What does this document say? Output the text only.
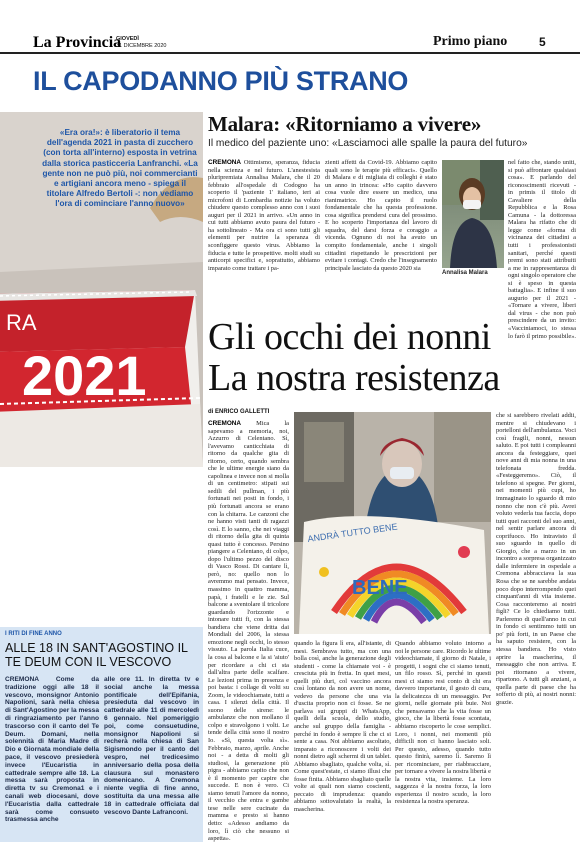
La Provincia
GIOVEDÌ
31 DICEMBRE 2020	Primo piano	5
IL CAPODANNO PIÙ STRANO
RA
2021
«Era ora!»: è liberatorio il tema dell'agenda 2021 in pasta di zucchero (con torta all'interno) esposta in vetrina dalla storica pasticceria Lanfranchi. «La gente non ne può più, noi commercianti e artigiani ancora meno - spiega il titolare Alfredo Bertoli -: non vediamo l'ora di cominciare l'anno nuovo»
Malara: «Ritorniamo a vivere»
Il medico del paziente uno: «Lasciamoci alle spalle la paura del futuro»
CREMONA Ottimismo, speranza, fiducia nella scienza e nel futuro. L'anestesista pluripremiata Annalisa Malara, che il 20 febbraio all'ospedale di Codogno ha scoperto il 'paziente 1' italiano, ieri ai microfoni di Lombardia notizie ha voluto chiudere questo complesso anno con i suoi auguri per il 2021 in arrivo. «Un anno in cui tutti abbiamo avuto paura del futuro - ha sottolineato - Ma ora ci sono tutti gli elementi per nutrire la speranza di sconfiggere questo virus. Abbiamo la fiducia e tutte le prospettive. molti studi su anticorpi specifici e, soprattutto, abbiamo imparato come trattare i pa-
zienti affetti da Covid-19. Abbiamo capito quali sono le terapie più efficaci». Quello di Malara e di migliaia di colleghi è stato un anno in trincea: «Ho capito davvero cosa vuole dire essere un medico, una rianimatrice. Ho capito il ruolo fondamentale che ha questa professione. cosa significa prendersi cura del prossimo. E ho scoperto l'importanza del lavoro di squadra, del darsi forza e coraggio a vicenda. Ognuno di noi ha avuto un compito fondamentale, anche i singoli cittadini rispettando le prescrizioni per evitare i contagi. Credo che l'insegnamento principale lasciato da questo 2020 sia
Annalisa Malara
nel fatto che, stando uniti, si può affrontare qualsiasi cosa». E parlando del riconoscimenti ricevuti - in primis il titolo di Cavaliere della Repubblica e la Rosa Camuna - la dottoressa Malara ha rifatto che di legge come «forma di vicinanza dei cittadini a tutti i professionisti sanitari, perché questi premi sono stati attribuiti a me in rappresentanza di ogni singolo operatore che si è speso in questa battaglia». E infine il suo augurio per il 2021 - «Tornare a vivere, liberi dal virus - che non può prescindere da un invito: «Vacciniamoci, io stessa lo farò il primo possibile».
Gli occhi dei nonni
La nostra resistenza
di ENRICO GALLETTI
CREMONA Mica la sapevamo a memoria, noi, Azzurro di Celentano. Sì, l'avevamo canticchiata di ritorno da qualche gita di ritorno, certo, quando sembra che le ultime energie siano da capolinea e invece non si molla di un centimetro: stipati sui sedili del pullman, i più fortunati nei posti in fondo, i più fortunati ancora se erano con la chitarra. Le canzoni che ne hanno visti tanti di ragazzi così. E lo sanno, che nei viaggi di ritorno della gita di quinta quasi tutto è concesso. Persino piangere a Celentano, di colpo, dopo l'ultimo pezzo del disco di Vasco Rossi. Di cantare lì, però, no: quello non lo avremmo mai pensato. Invece, massimo in quattro mamma, papà, i fratelli e le zie. Sul balcone a sventolare il tricolore guardando l'orizzonte e intonare tutti fi, con la stessa bandiera che viene dritta dai Mondiali del 2006, la stessa emozione negli occhi, lo stesso vissuto. La parola Italia cuce, la cosa al balcone e la si 'aiuto' per ricordare a chi ci sta dall'altra parte delle scalfare. Le lezioni prima in presenza e poi basta: i collage di volti su Zoom, le videochiamate, tutti a casa. I silenzi della città. Il suono delle sirene: le ambulanze che non mollano il colpo e stravolgono i volti. Le tende della città sono il nostro Io. «Sì, questa volta sì». Febbraio, marzo, aprile. Anche noi - a detta di molti gli studiosi, la generazione più pigra - abbiamo capito che non è il momento per capire che succede. E non è vero. Ci siamo tenuti l'amore da nonno, il vecchio che entra e gambe tese nelle sere cucinate da mamma e presto si hanno detto: «Adesso andiamo da loro, lì ciò che nessuno si aspetta».
BENE
ANDRÀ TUTTO BENE
quando la figura lì era, all'istante, di mesi. Sembrava tutto, ma con una bolla così, anche la generazione degli studenti - come la chiamate voi - è cresciuta più in fretta. In quei mesi, quelli più duri, col vaccino ancora così lontano da non avere un nome, vedevo da persone che una via d'uscita proprio non ci fosse. Se ne parlava sui gruppi di WhatsApp, quelli della scuola, dello studio, anche sul gruppo della famiglia - perché in fondo è sempre lì che ci si sente a casa. Noi abbiamo ascoltato, imparato a riconoscere i volti dei nonni dietro agli schermi di un tablet. Abbiamo sbagliato, qualche volta, sì. Come quest'estate, ci siamo illusi che fosse finita. Abbiamo sbagliato quelle volte ai quali non siamo coscienti, peccato di imprudenza: quando abbiamo sottovalutato la realtà, la mascherina.
Quando abbiamo voluto intorno a noi le persone care. Ricordo le ultime videochiamate, il giorno di Natale, i progetti, i sogni che ci siamo tenuti, un filo rosso. Sì, perché in questi mesi ci siamo resi conto di chi era davvero importante, il gesto di cura, la delicatezza di un messaggio. Per giorni, nelle giornate più buie. Noi che pensavamo che la vita fosse un gioco, che la libertà fosse scontata, abbiamo riscoperto le cose semplici. Loro, i nonni, nei momenti più difficili non ci hanno lasciato soli. Per questo, adesso, quando tutto questo finirà, saremo lì. Saremo lì per ricominciare, per riabbracciare, per tornare a vivere la nostra libertà e la nostra vita, insieme. La loro saggezza è la nostra forza, la loro esperienza il nostro scudo, la loro resistenza la nostra speranza.
che si sarebbero rivelati addii, mentre si chiudevano i portelloni dell'ambulanza. Voci così fragili, nonni, nessun saluto. E poi tutti i compleanni ancora da festeggiare, quei nove anni di mia nonna in una telefonata fredda. «Festeggeremo». Ciò, il telefono si spegne. Per giorni, nei momenti più cupi, ho immaginato lo sguardo di mio nonno che non c'è più. Avrei voluto vederla tua faccia, dopo tutti quei racconti del suo anni, nel sentir parlare ancora di coprifuoco. Ho intravisto il suo sguardo in quello di Giorgio, che a marzo in un incontro a sorpresa organizzato dalle infermiere in ospedale a Cremona abbracciava la sua Rosa che se ne sarebbe andata poco dopo interrompendo quei cinquant'anni di vita insieme. Cosa racconteremo ai nostri figli? Ce lo chiediamo tutti. Parleremo di quell'anno in cui in fondo ci sentimmo tutti un po' più forti, in un Paese che ha saputo resistere, con la stessa bandiera. Ho visto aprire la mascherina, il messaggio che non arriva. E poi ritornano a vivere, ripartono. A tutti gli anziani, a quella parte di paese che ha sofferto di più, ai nostri nonni: grazie.
I RITI DI FINE ANNO
ALLE 18 IN SANT'AGOSTINO IL TE DEUM CON IL VESCOVO
CREMONA	Come da tradizione oggi alle 18 il vescovo, monsignor Antonio Napolioni, sarà nella chiesa di Sant'Agostino per la messa di ringraziamento per l'anno trascorso con il canto del Te Deum. Domani, nella solennità di Maria Madre di Dio e Giornata mondiale della pace, il vescovo presiederà invece l'Eucaristia in cattedrale sempre alle 18. La messa sarà proposta in diretta tv su Cremona1 e i canali web diocesani, dove l'Eucaristia dalla cattedrale sarà come consueto trasmessa anche
alle ore 11. In diretta tv e social anche la messa pontificale dell'Epifania, presieduta dal vescovo in cattedrale alle 11 di mercoledì 6 gennaio. Nel pomeriggio poi, come consuetudine, monsignor Napolioni si recherà nella chiesa di San Sigismondo per il canto del vespro, nel tredicesimo anniversario della posa della clausura sul monastero domenicano. A Cremona niente veglia di fine anno, sostituita da una messa alle 18 in cattedrale officiata dal vescovo Dante Lafranconi.
